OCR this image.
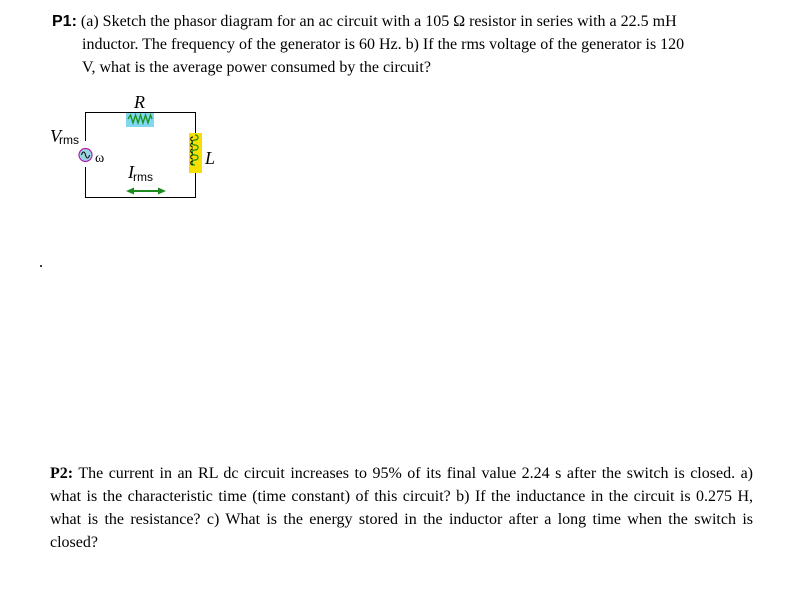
P1: (a) Sketch the phasor diagram for an ac circuit with a 105 Ω resistor in series with a 22.5 mH
inductor. The frequency of the generator is 60 Hz. b) If the rms voltage of the generator is 120
V, what is the average power consumed by the circuit?
R
L
Vrms
ω
Irms

P2: The current in an RL dc circuit increases to 95% of its final value 2.24 s after the switch is closed. a) what is the characteristic time (time constant) of this circuit? b) If the inductance in the circuit is 0.275 H, what is the resistance? c) What is the energy stored in the inductor after a long time when the switch is closed?
